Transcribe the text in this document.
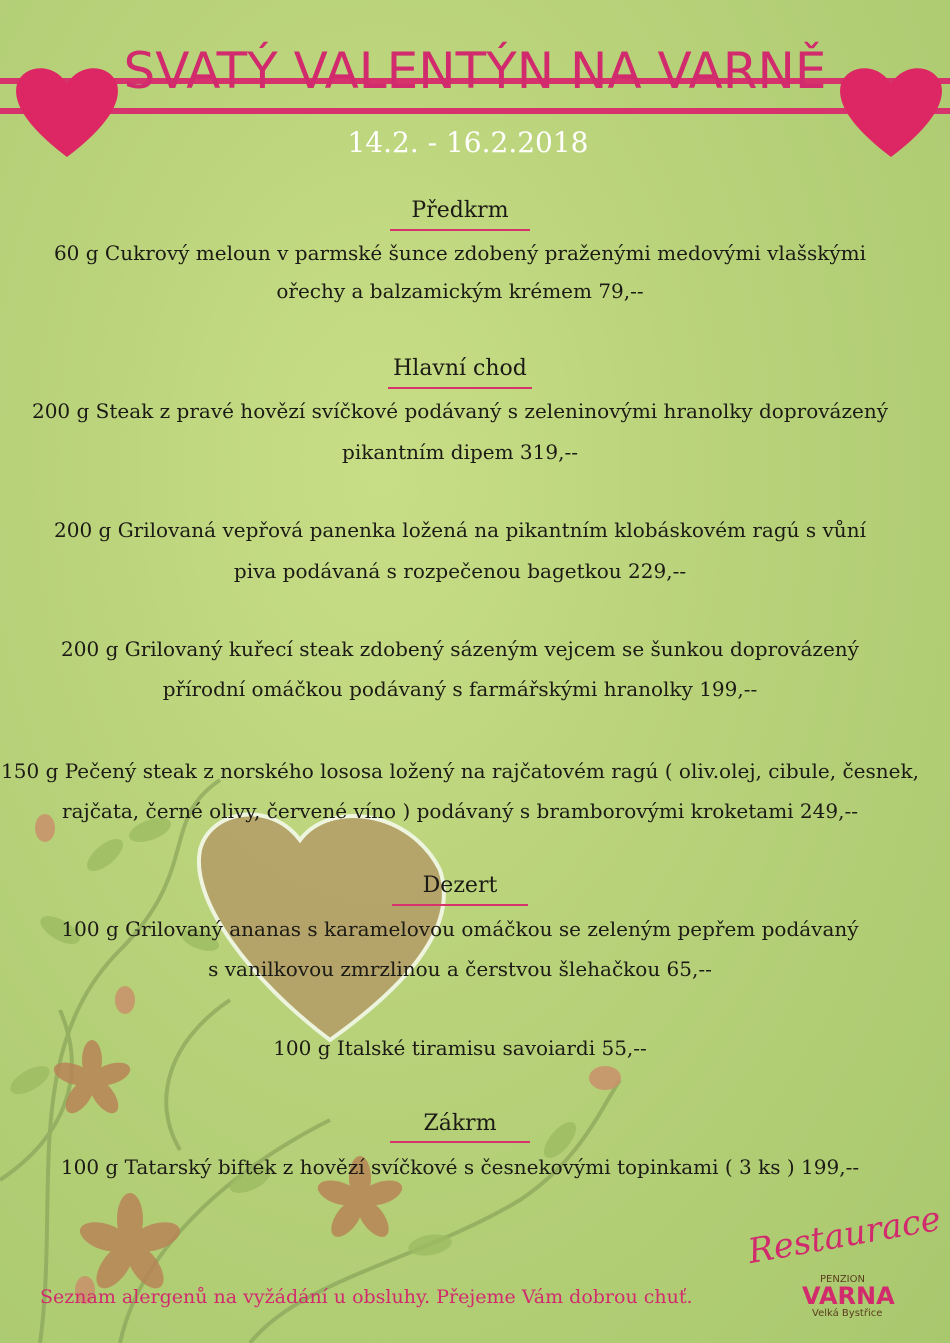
SVATÝ VALENTÝN NA VARNĚ
14.2. - 16.2.2018
Předkrm
60 g Cukrový meloun v parmské šunce zdobený praženými medovými vlašskými
ořechy a balzamickým krémem 79,--
Hlavní chod
200 g Steak z pravé hovězí svíčkové podávaný s zeleninovými hranolky doprovázený
pikantním dipem 319,--
200 g Grilovaná vepřová panenka ložená na pikantním klobáskovém ragú s vůní
piva podávaná s rozpečenou bagetkou 229,--
200 g Grilovaný kuřecí steak zdobený sázeným vejcem se šunkou doprovázený
přírodní omáčkou podávaný s farmářskými hranolky 199,--
150 g Pečený steak z norského lososa ložený na rajčatovém ragú ( oliv.olej, cibule, česnek,
rajčata, černé olivy, červené víno ) podávaný s bramborovými kroketami 249,--
Dezert
100 g Grilovaný ananas s karamelovou omáčkou se zeleným pepřem podávaný
s vanilkovou zmrzlinou a čerstvou šlehačkou 65,--
100 g Italské tiramisu savoiardi 55,--
Zákrm
100 g Tatarský biftek z hovězí svíčkové s česnekovými topinkami ( 3 ks ) 199,--
Seznam alergenů na vyžádání u obsluhy. Přejeme Vám dobrou chuť.
Restaurace
PENZION
VARNA
Velká Bystřice
